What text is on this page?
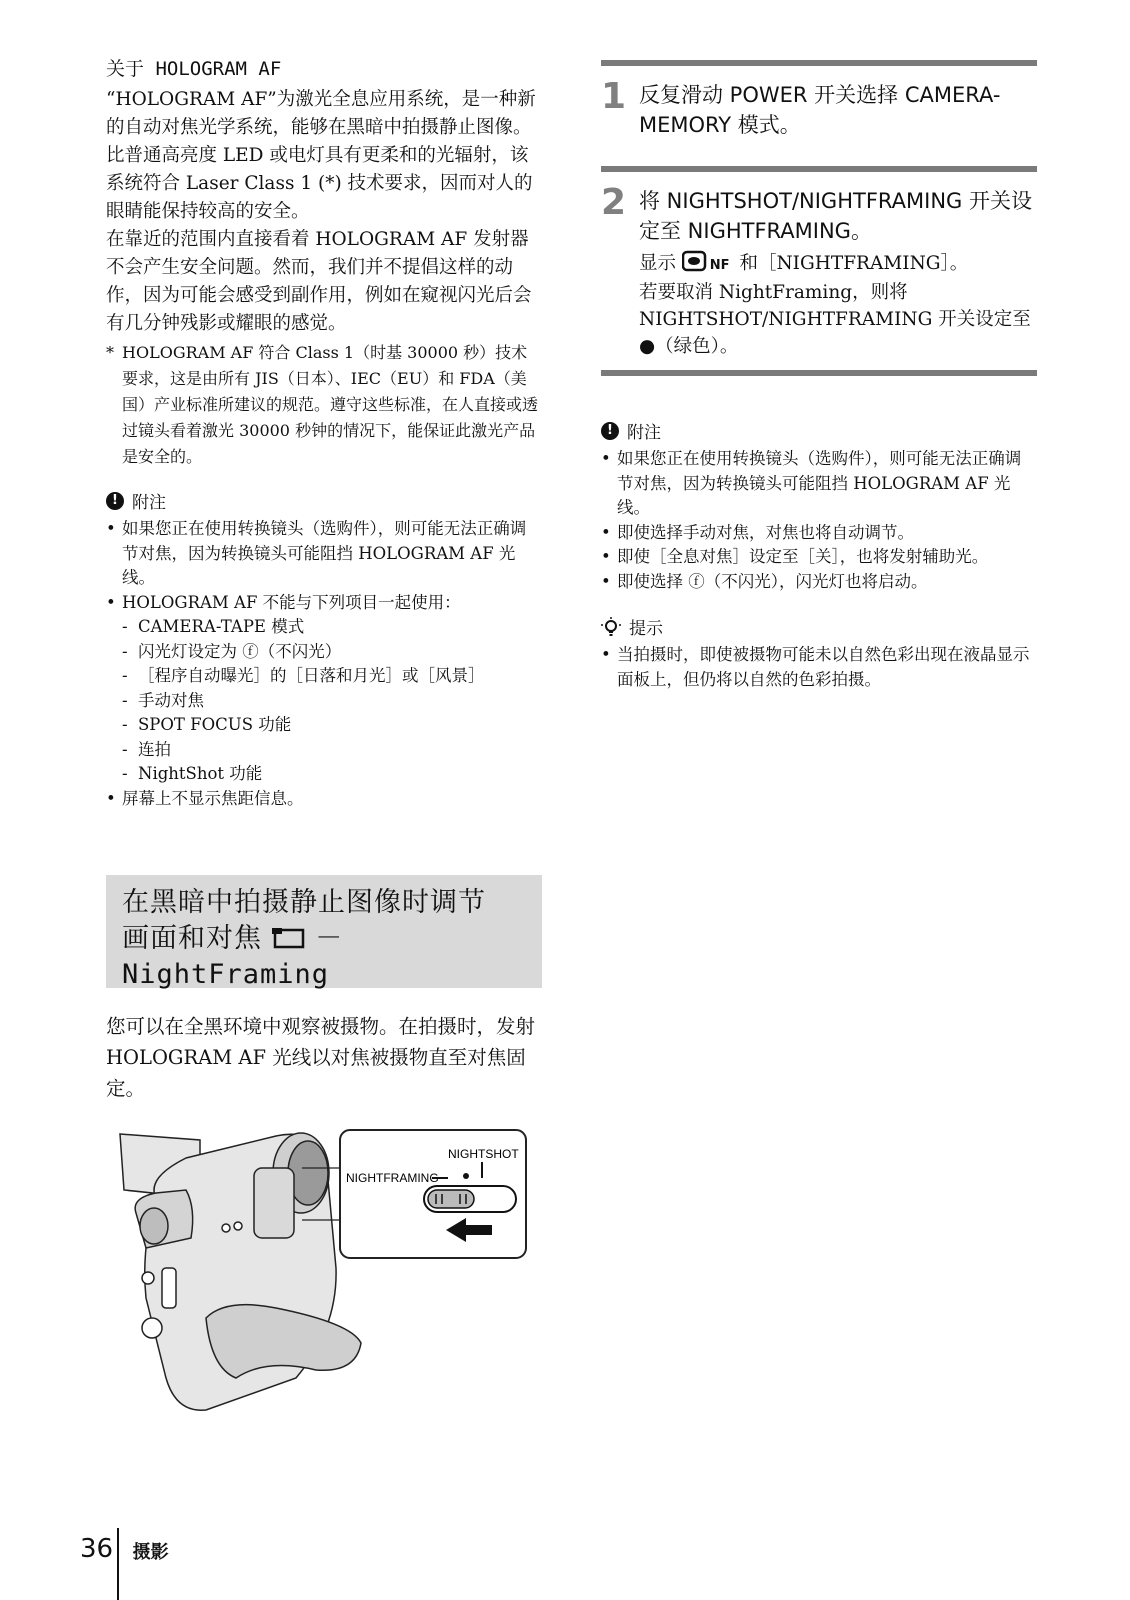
关于 HOLOGRAM AF

“HOLOGRAM AF”为激光全息应用系统，是一种新的自动对焦光学系统，能够在黑暗中拍摄静止图像。比普通高亮度 LED 或电灯具有更柔和的光辐射，该系统符合 Laser Class 1 (*) 技术要求，因而对人的眼睛能保持较高的安全。

在靠近的范围内直接看着 HOLOGRAM AF 发射器不会产生安全问题。然而，我们并不提倡这样的动作，因为可能会感受到副作用，例如在窥视闪光后会有几分钟残影或耀眼的感觉。

* HOLOGRAM AF 符合 Class 1（时基 30000 秒）技术要求，这是由所有 JIS（日本）、IEC（EU）和 FDA（美国）产业标准所建议的规范。遵守这些标准，在人直接或透过镜头看着激光 30000 秒钟的情况下，能保证此激光产品是安全的。
! 附注
• 如果您正在使用转换镜头（选购件），则可能无法正确调节对焦，因为转换镜头可能阻挡 HOLOGRAM AF 光线。
• HOLOGRAM AF 不能与下列项目一起使用：
- CAMERA-TAPE 模式
- 闪光灯设定为 ⓕ（不闪光）
- ［程序自动曝光］的［日落和月光］或［风景］
- 手动对焦
- SPOT FOCUS 功能
- 连拍
- NightShot 功能
• 屏幕上不显示焦距信息。
在黑暗中拍摄静止图像时调节
画面和对焦 － NightFraming
您可以在全黑环境中观察被摄物。在拍摄时，发射 HOLOGRAM AF 光线以对焦被摄物直至对焦固定。
NIGHTSHOT
NIGHTFRAMING
1 反复滑动 POWER 开关选择 CAMERA-MEMORY 模式。
2 将 NIGHTSHOT/NIGHTFRAMING 开关设定至 NIGHTFRAMING。
显示	NF 和［NIGHTFRAMING］。
若要取消 NightFraming，则将 NIGHTSHOT/NIGHTFRAMING 开关设定至
●（绿色）。
! 附注
• 如果您正在使用转换镜头（选购件），则可能无法正确调节对焦，因为转换镜头可能阻挡 HOLOGRAM AF 光线。
• 即使选择手动对焦，对焦也将自动调节。
• 即使［全息对焦］设定至［关］，也将发射辅助光。
• 即使选择 ⓕ（不闪光），闪光灯也将启动。
提示
• 当拍摄时，即使被摄物可能未以自然色彩出现在液晶显示面板上，但仍将以自然的色彩拍摄。
36 摄影
